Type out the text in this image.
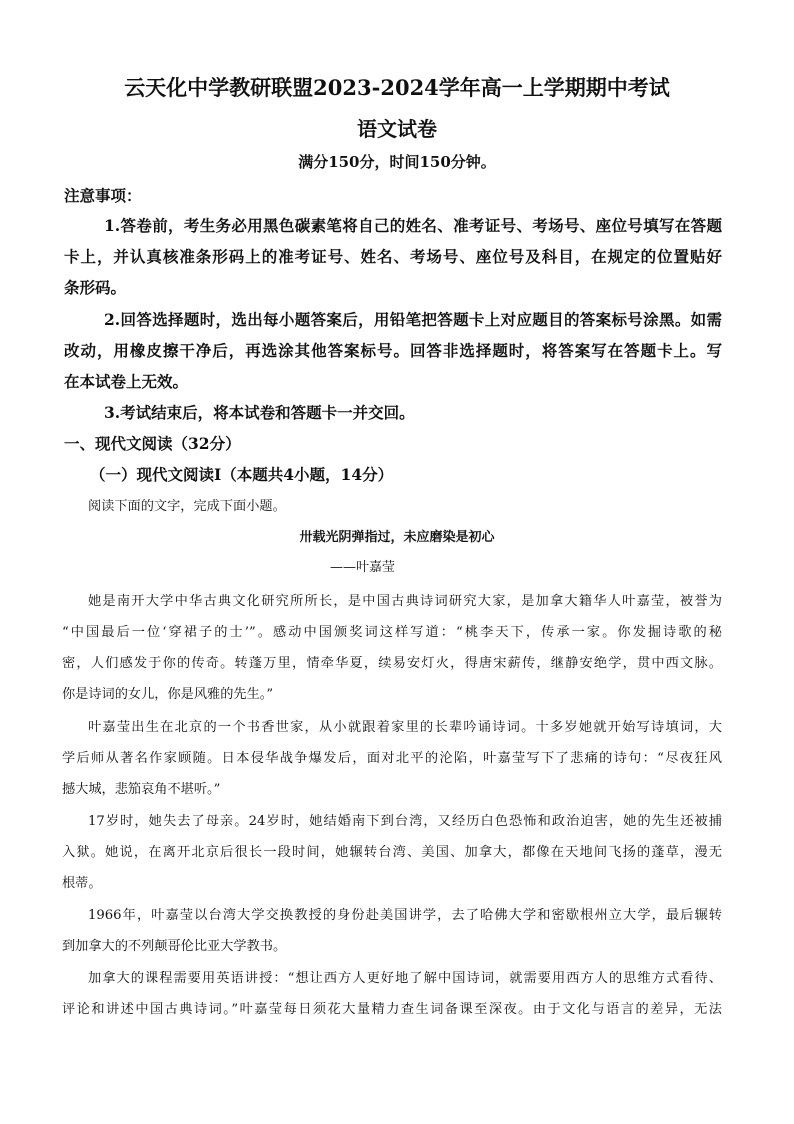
云天化中学教研联盟2023-2024学年高一上学期期中考试
语文试卷
满分150分，时间150分钟。
注意事项：
1.答卷前，考生务必用黑色碳素笔将自己的姓名、准考证号、考场号、座位号填写在答题
卡上，并认真核准条形码上的准考证号、姓名、考场号、座位号及科目，在规定的位置贴好
条形码。
2.回答选择题时，选出每小题答案后，用铅笔把答题卡上对应题目的答案标号涂黑。如需
改动，用橡皮擦干净后，再选涂其他答案标号。回答非选择题时，将答案写在答题卡上。写
在本试卷上无效。
3.考试结束后，将本试卷和答题卡一并交回。
一、现代文阅读（32分）
（一）现代文阅读Ⅰ（本题共4小题，14分）
阅读下面的文字，完成下面小题。
卅载光阴弹指过，未应磨染是初心
——叶嘉莹
她是南开大学中华古典文化研究所所长，是中国古典诗词研究大家，是加拿大籍华人叶嘉莹，被誉为
“中国最后一位‘穿裙子的士’”。感动中国颁奖词这样写道：“桃李天下，传承一家。你发掘诗歌的秘
密，人们感发于你的传奇。转蓬万里，情牵华夏，续易安灯火，得唐宋薪传，继静安绝学，贯中西文脉。
你是诗词的女儿，你是风雅的先生。”
叶嘉莹出生在北京的一个书香世家，从小就跟着家里的长辈吟诵诗词。十多岁她就开始写诗填词，大
学后师从著名作家顾随。日本侵华战争爆发后，面对北平的沦陷，叶嘉莹写下了悲痛的诗句：“尽夜狂风
撼大城，悲笳哀角不堪听。”
17岁时，她失去了母亲。24岁时，她结婚南下到台湾，又经历白色恐怖和政治迫害，她的先生还被捕
入狱。她说，在离开北京后很长一段时间，她辗转台湾、美国、加拿大，都像在天地间飞扬的蓬草，漫无
根蒂。
1966年，叶嘉莹以台湾大学交换教授的身份赴美国讲学，去了哈佛大学和密歇根州立大学，最后辗转
到加拿大的不列颠哥伦比亚大学教书。
加拿大的课程需要用英语讲授：“想让西方人更好地了解中国诗词，就需要用西方人的思维方式看待、
评论和讲述中国古典诗词。”叶嘉莹每日须花大量精力查生词备课至深夜。由于文化与语言的差异，无法
